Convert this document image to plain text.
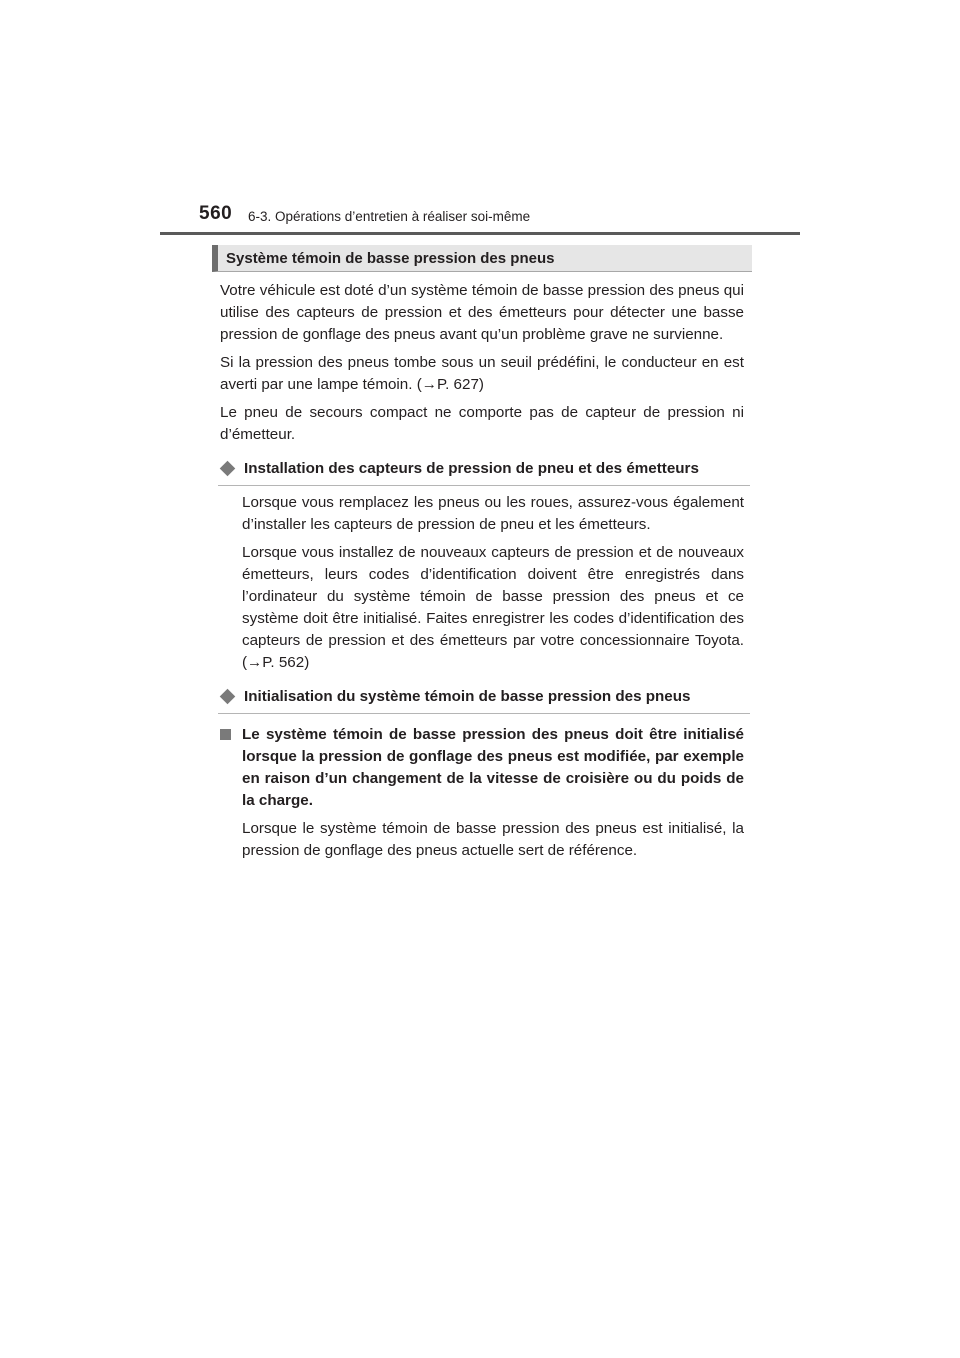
560 6-3. Opérations d’entretien à réaliser soi-même
Système témoin de basse pression des pneus

Votre véhicule est doté d’un système témoin de basse pression des pneus qui utilise des capteurs de pression et des émetteurs pour détecter une basse pression de gonflage des pneus avant qu’un problème grave ne survienne.

Si la pression des pneus tombe sous un seuil prédéfini, le conducteur en est averti par une lampe témoin. (→P. 627)

Le pneu de secours compact ne comporte pas de capteur de pression ni d’émetteur.

Installation des capteurs de pression de pneu et des émetteurs

Lorsque vous remplacez les pneus ou les roues, assurez-vous également d’installer les capteurs de pression de pneu et les émetteurs.

Lorsque vous installez de nouveaux capteurs de pression et de nouveaux émetteurs, leurs codes d’identification doivent être enregistrés dans l’ordinateur du système témoin de basse pression des pneus et ce système doit être initialisé. Faites enregistrer les codes d’identification des capteurs de pression et des émetteurs par votre concessionnaire Toyota. (→P. 562)

Initialisation du système témoin de basse pression des pneus
Le système témoin de basse pression des pneus doit être initialisé lorsque la pression de gonflage des pneus est modifiée, par exemple en raison d’un changement de la vitesse de croisière ou du poids de la charge.

Lorsque le système témoin de basse pression des pneus est initialisé, la pression de gonflage des pneus actuelle sert de référence.
